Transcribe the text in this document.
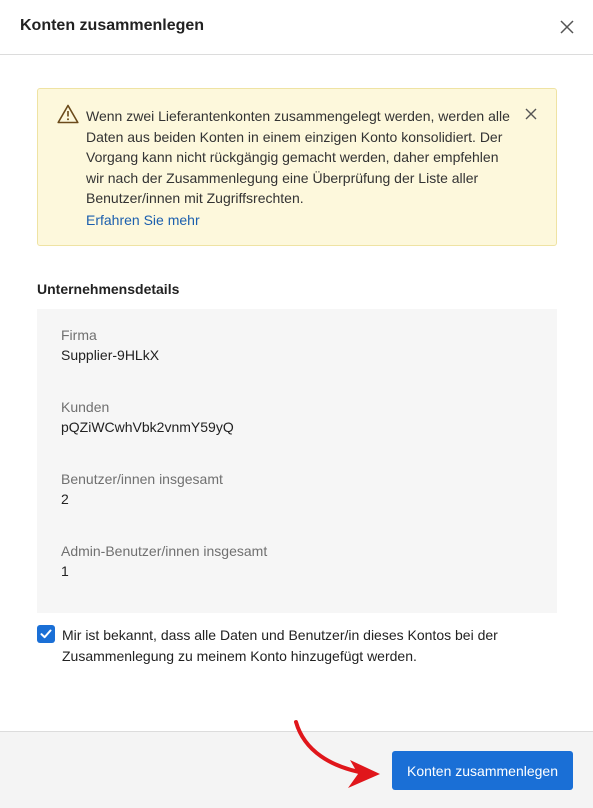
Konten zusammenlegen
Wenn zwei Lieferantenkonten zusammengelegt werden, werden alle Daten aus beiden Konten in einem einzigen Konto konsolidiert. Der Vorgang kann nicht rückgängig gemacht werden, daher empfehlen wir nach der Zusammenlegung eine Überprüfung der Liste aller Benutzer/innen mit Zugriffsrechten.
Erfahren Sie mehr
Unternehmensdetails
Firma
Supplier-9HLkX
Kunden
pQZiWCwhVbk2vnmY59yQ
Benutzer/innen insgesamt
2
Admin-Benutzer/innen insgesamt
1
Mir ist bekannt, dass alle Daten und Benutzer/in dieses Kontos bei der Zusammenlegung zu meinem Konto hinzugefügt werden.
Konten zusammenlegen
